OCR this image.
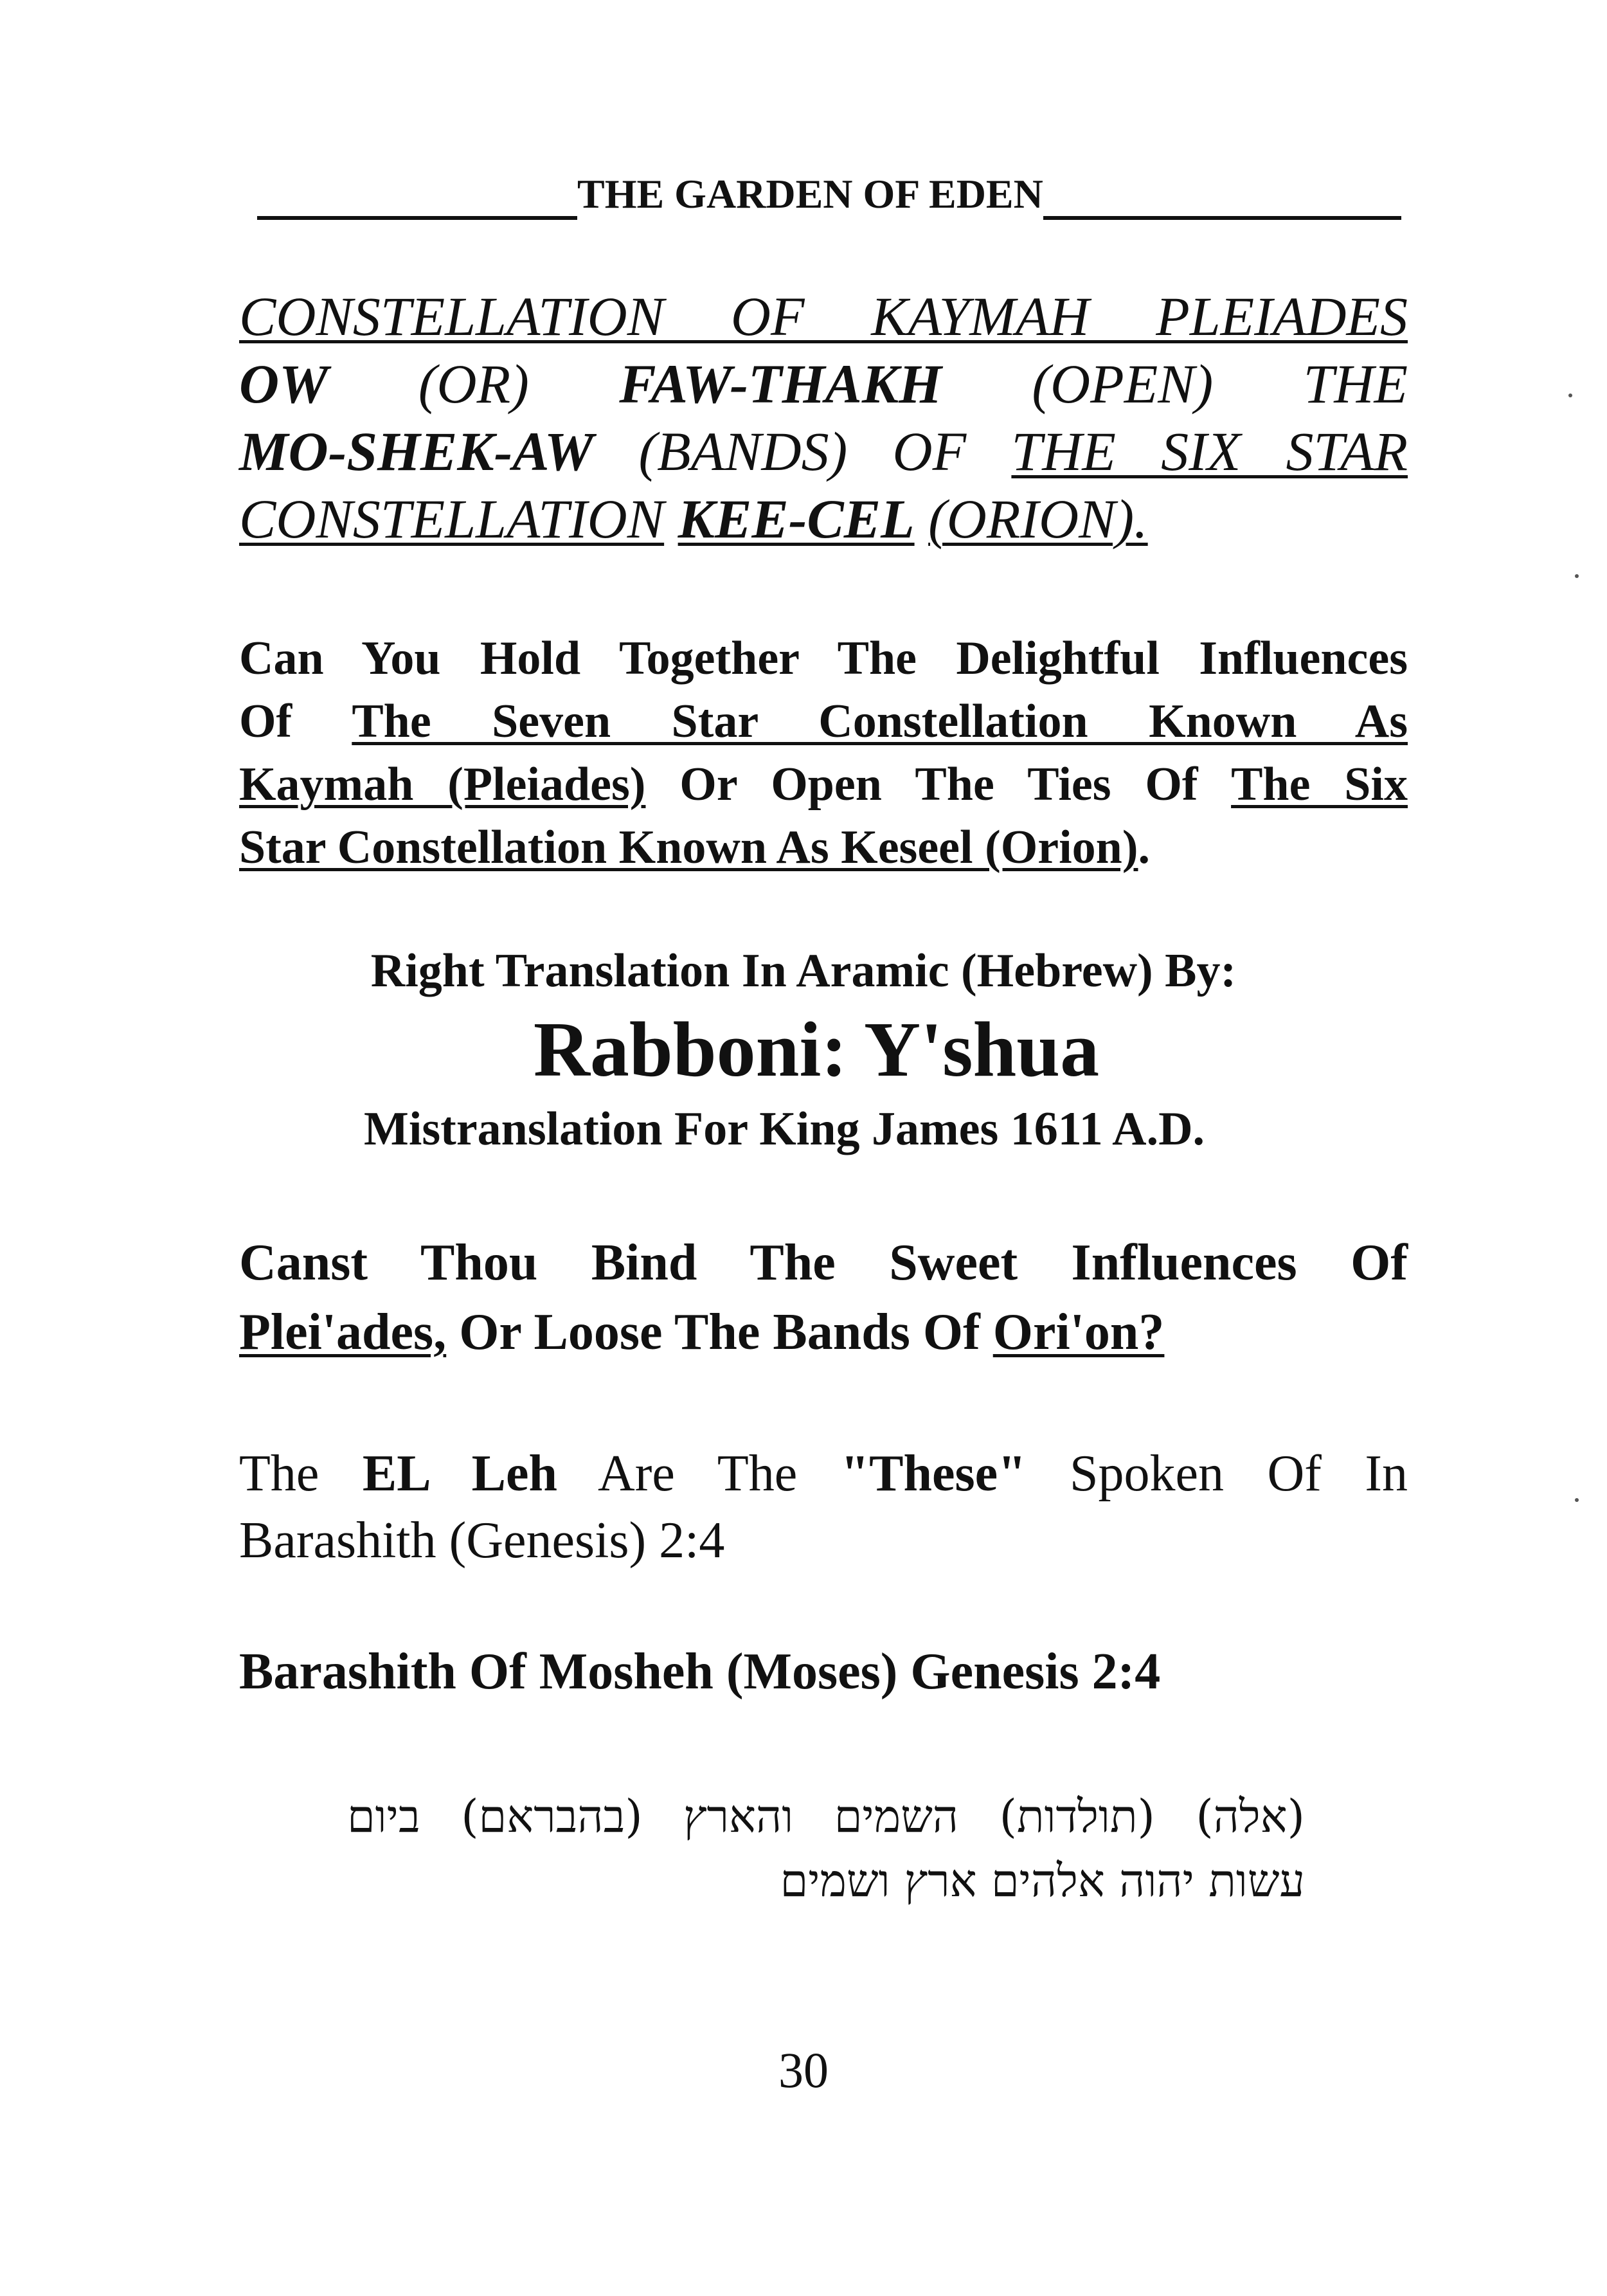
THE GARDEN OF EDEN
CONSTELLATION OF KAYMAH PLEIADES
OW (OR) FAW-THAKH (OPEN) THE
MO-SHEK-AW (BANDS) OF THE SIX STAR
CONSTELLATION KEE-CEL (ORION).
Can You Hold Together The Delightful Influences
Of The Seven Star Constellation Known As
Kaymah (Pleiades) Or Open The Ties Of The Six
Star Constellation Known As Keseel (Orion).
Right Translation In Aramic (Hebrew) By:
Rabboni: Y'shua
Mistranslation For King James 1611 A.D.
Canst Thou Bind The Sweet Influences Of
Plei'ades, Or Loose The Bands Of Ori'on?
The EL Leh Are The "These" Spoken Of In
Barashith (Genesis) 2:4
Barashith Of Mosheh (Moses) Genesis 2:4
(אלה) (תולדות) השמים והארץ (בהבראם) ביום
עשות יהוה אלהים ארץ ושמים
30
